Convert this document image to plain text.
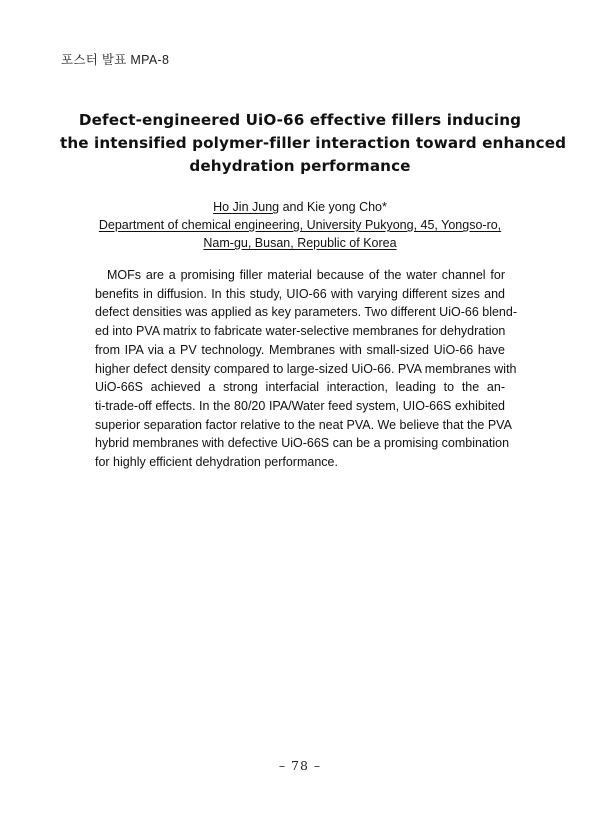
포스터 발표 MPA-8
Defect-engineered UiO-66 effective fillers inducing
the intensified polymer-filler interaction toward enhanced
dehydration performance
Ho Jin Jung and Kie yong Cho*
Department of chemical engineering, University Pukyong, 45, Yongso-ro,
Nam-gu, Busan, Republic of Korea
MOFs are a promising filler material because of the water channel for
benefits in diffusion. In this study, UIO-66 with varying different sizes and
defect densities was applied as key parameters. Two different UiO-66 blend-
ed into PVA matrix to fabricate water-selective membranes for dehydration
from IPA via a PV technology. Membranes with small-sized UiO-66 have
higher defect density compared to large-sized UiO-66. PVA membranes with
UiO-66S achieved a strong interfacial interaction, leading to the an-
ti-trade-off effects. In the 80/20 IPA/Water feed system, UIO-66S exhibited
superior separation factor relative to the neat PVA. We believe that the PVA
hybrid membranes with defective UiO-66S can be a promising combination
for highly efficient dehydration performance.
– 78 –
